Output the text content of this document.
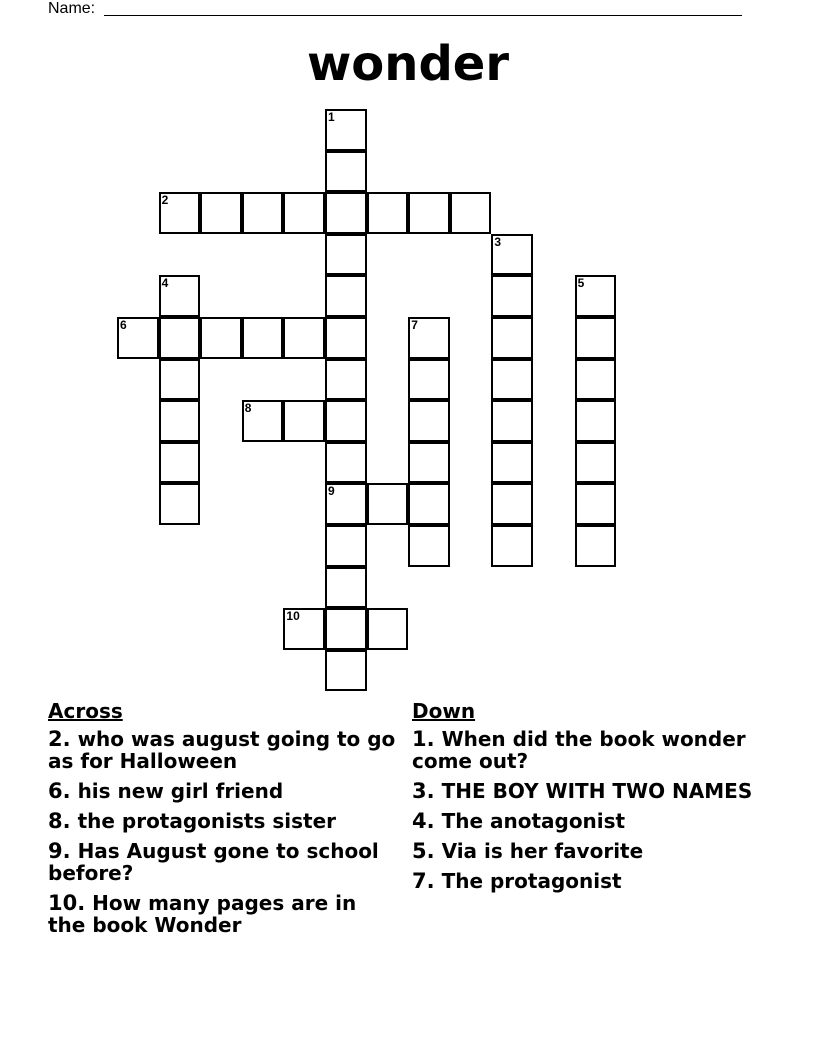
Name:
wonder
1
2
3
4	5
6	7
8
9
10
Across
2. who was august going to go as for Halloween
6. his new girl friend
8. the protagonists sister
9. Has August gone to school before?
10. How many pages are in the book Wonder
Down
1. When did the book wonder come out?
3. THE BOY WITH TWO NAMES
4. The anotagonist
5. Via is her favorite
7. The protagonist
